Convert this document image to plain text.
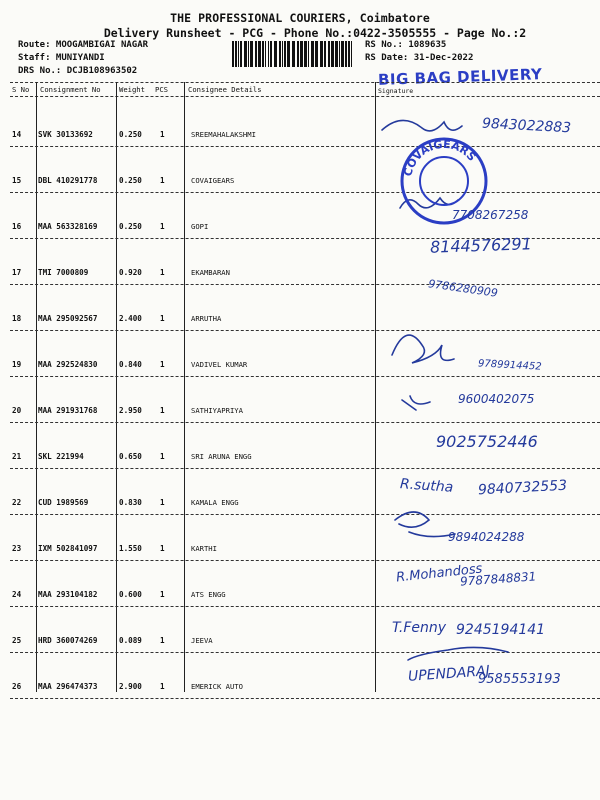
THE PROFESSIONAL COURIERS, Coimbatore
Delivery Runsheet - PCG - Phone No.:0422-3505555 - Page No.:2
Route: MOOGAMBIGAI NAGAR
Staff: MUNIYANDI
DRS No.: DCJB108963502
RS No.: 1089635
RS Date: 31-Dec-2022
BIG BAG DELIVERY
S No Consignment No	Weight PCS	Consignee Details	Signature
14 SVK 30133692	0.250 1	SREEMAHALAKSHMI
15 DBL 410291778	0.250 1	COVAIGEARS
16 MAA 563328169	0.250 1	GOPI
17 TMI 7000809	0.920 1	EKAMBARAN
18 MAA 295092567	2.400 1	ARRUTHA
19 MAA 292524830	0.840 1	VADIVEL KUMAR
20 MAA 291931768	2.950 1	SATHIYAPRIYA
21 SKL 221994	0.650 1	SRI ARUNA ENGG
22 CUD 1989569	0.830 1	KAMALA ENGG
23 IXM 502841097	1.550 1	KARTHI
24 MAA 293104182	0.600 1	ATS ENGG
25 HRD 360074269	0.089 1	JEEVA
26 MAA 296474373	2.900 1	EMERICK AUTO
COVAIGEARS
9843022883
7708267258
8144576291
9786280909
9789914452
9600402075
9025752446
9840732553
R.sutha
9894024288
R.Mohandoss
9787848831
T.Fenny 9245194141
UPENDARAJ
9585553193
